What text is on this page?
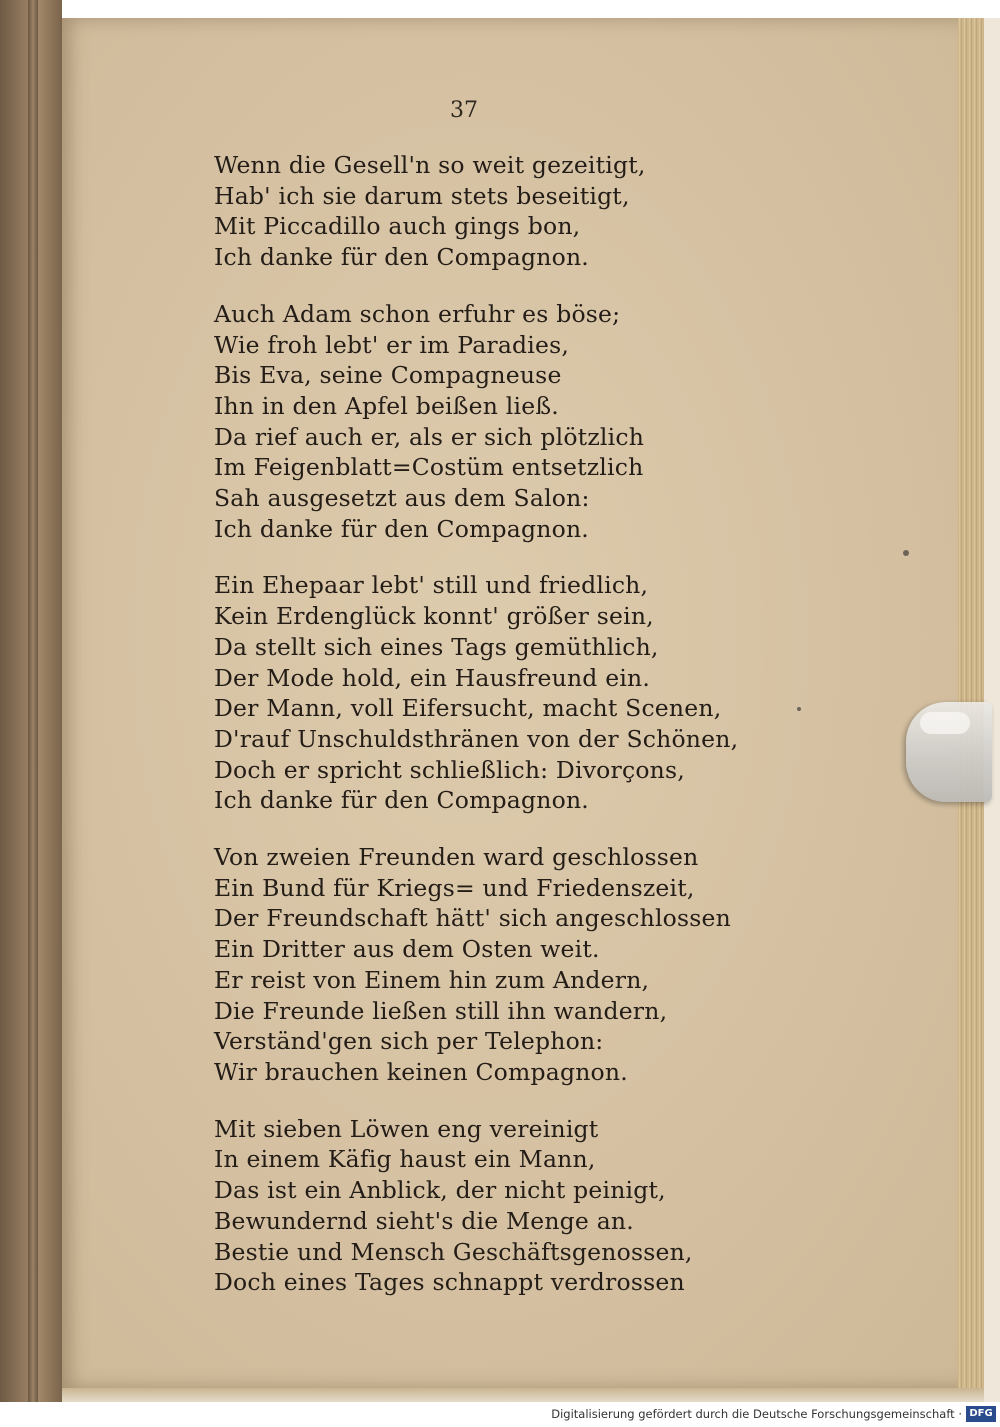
37
Wenn die Gesell'n so weit gezeitigt,
Hab' ich sie darum stets beseitigt,
Mit Piccadillo auch gings bon,
Ich danke für den Compagnon.
Auch Adam schon erfuhr es böse;
Wie froh lebt' er im Paradies,
Bis Eva, seine Compagneuse
Ihn in den Apfel beißen ließ.
Da rief auch er, als er sich plötzlich
Im Feigenblatt=Costüm entsetzlich
Sah ausgesetzt aus dem Salon:
Ich danke für den Compagnon.
Ein Ehepaar lebt' still und friedlich,
Kein Erdenglück konnt' größer sein,
Da stellt sich eines Tags gemüthlich,
Der Mode hold, ein Hausfreund ein.
Der Mann, voll Eifersucht, macht Scenen,
D'rauf Unschuldsthränen von der Schönen,
Doch er spricht schließlich: Divorçons,
Ich danke für den Compagnon.
Von zweien Freunden ward geschlossen
Ein Bund für Kriegs= und Friedenszeit,
Der Freundschaft hätt' sich angeschlossen
Ein Dritter aus dem Osten weit.
Er reist von Einem hin zum Andern,
Die Freunde ließen still ihn wandern,
Verständ'gen sich per Telephon:
Wir brauchen keinen Compagnon.
Mit sieben Löwen eng vereinigt
In einem Käfig haust ein Mann,
Das ist ein Anblick, der nicht peinigt,
Bewundernd sieht's die Menge an.
Bestie und Mensch Geschäftsgenossen,
Doch eines Tages schnappt verdrossen
Digitalisierung gefördert durch die Deutsche Forschungsgemeinschaft · DFG
